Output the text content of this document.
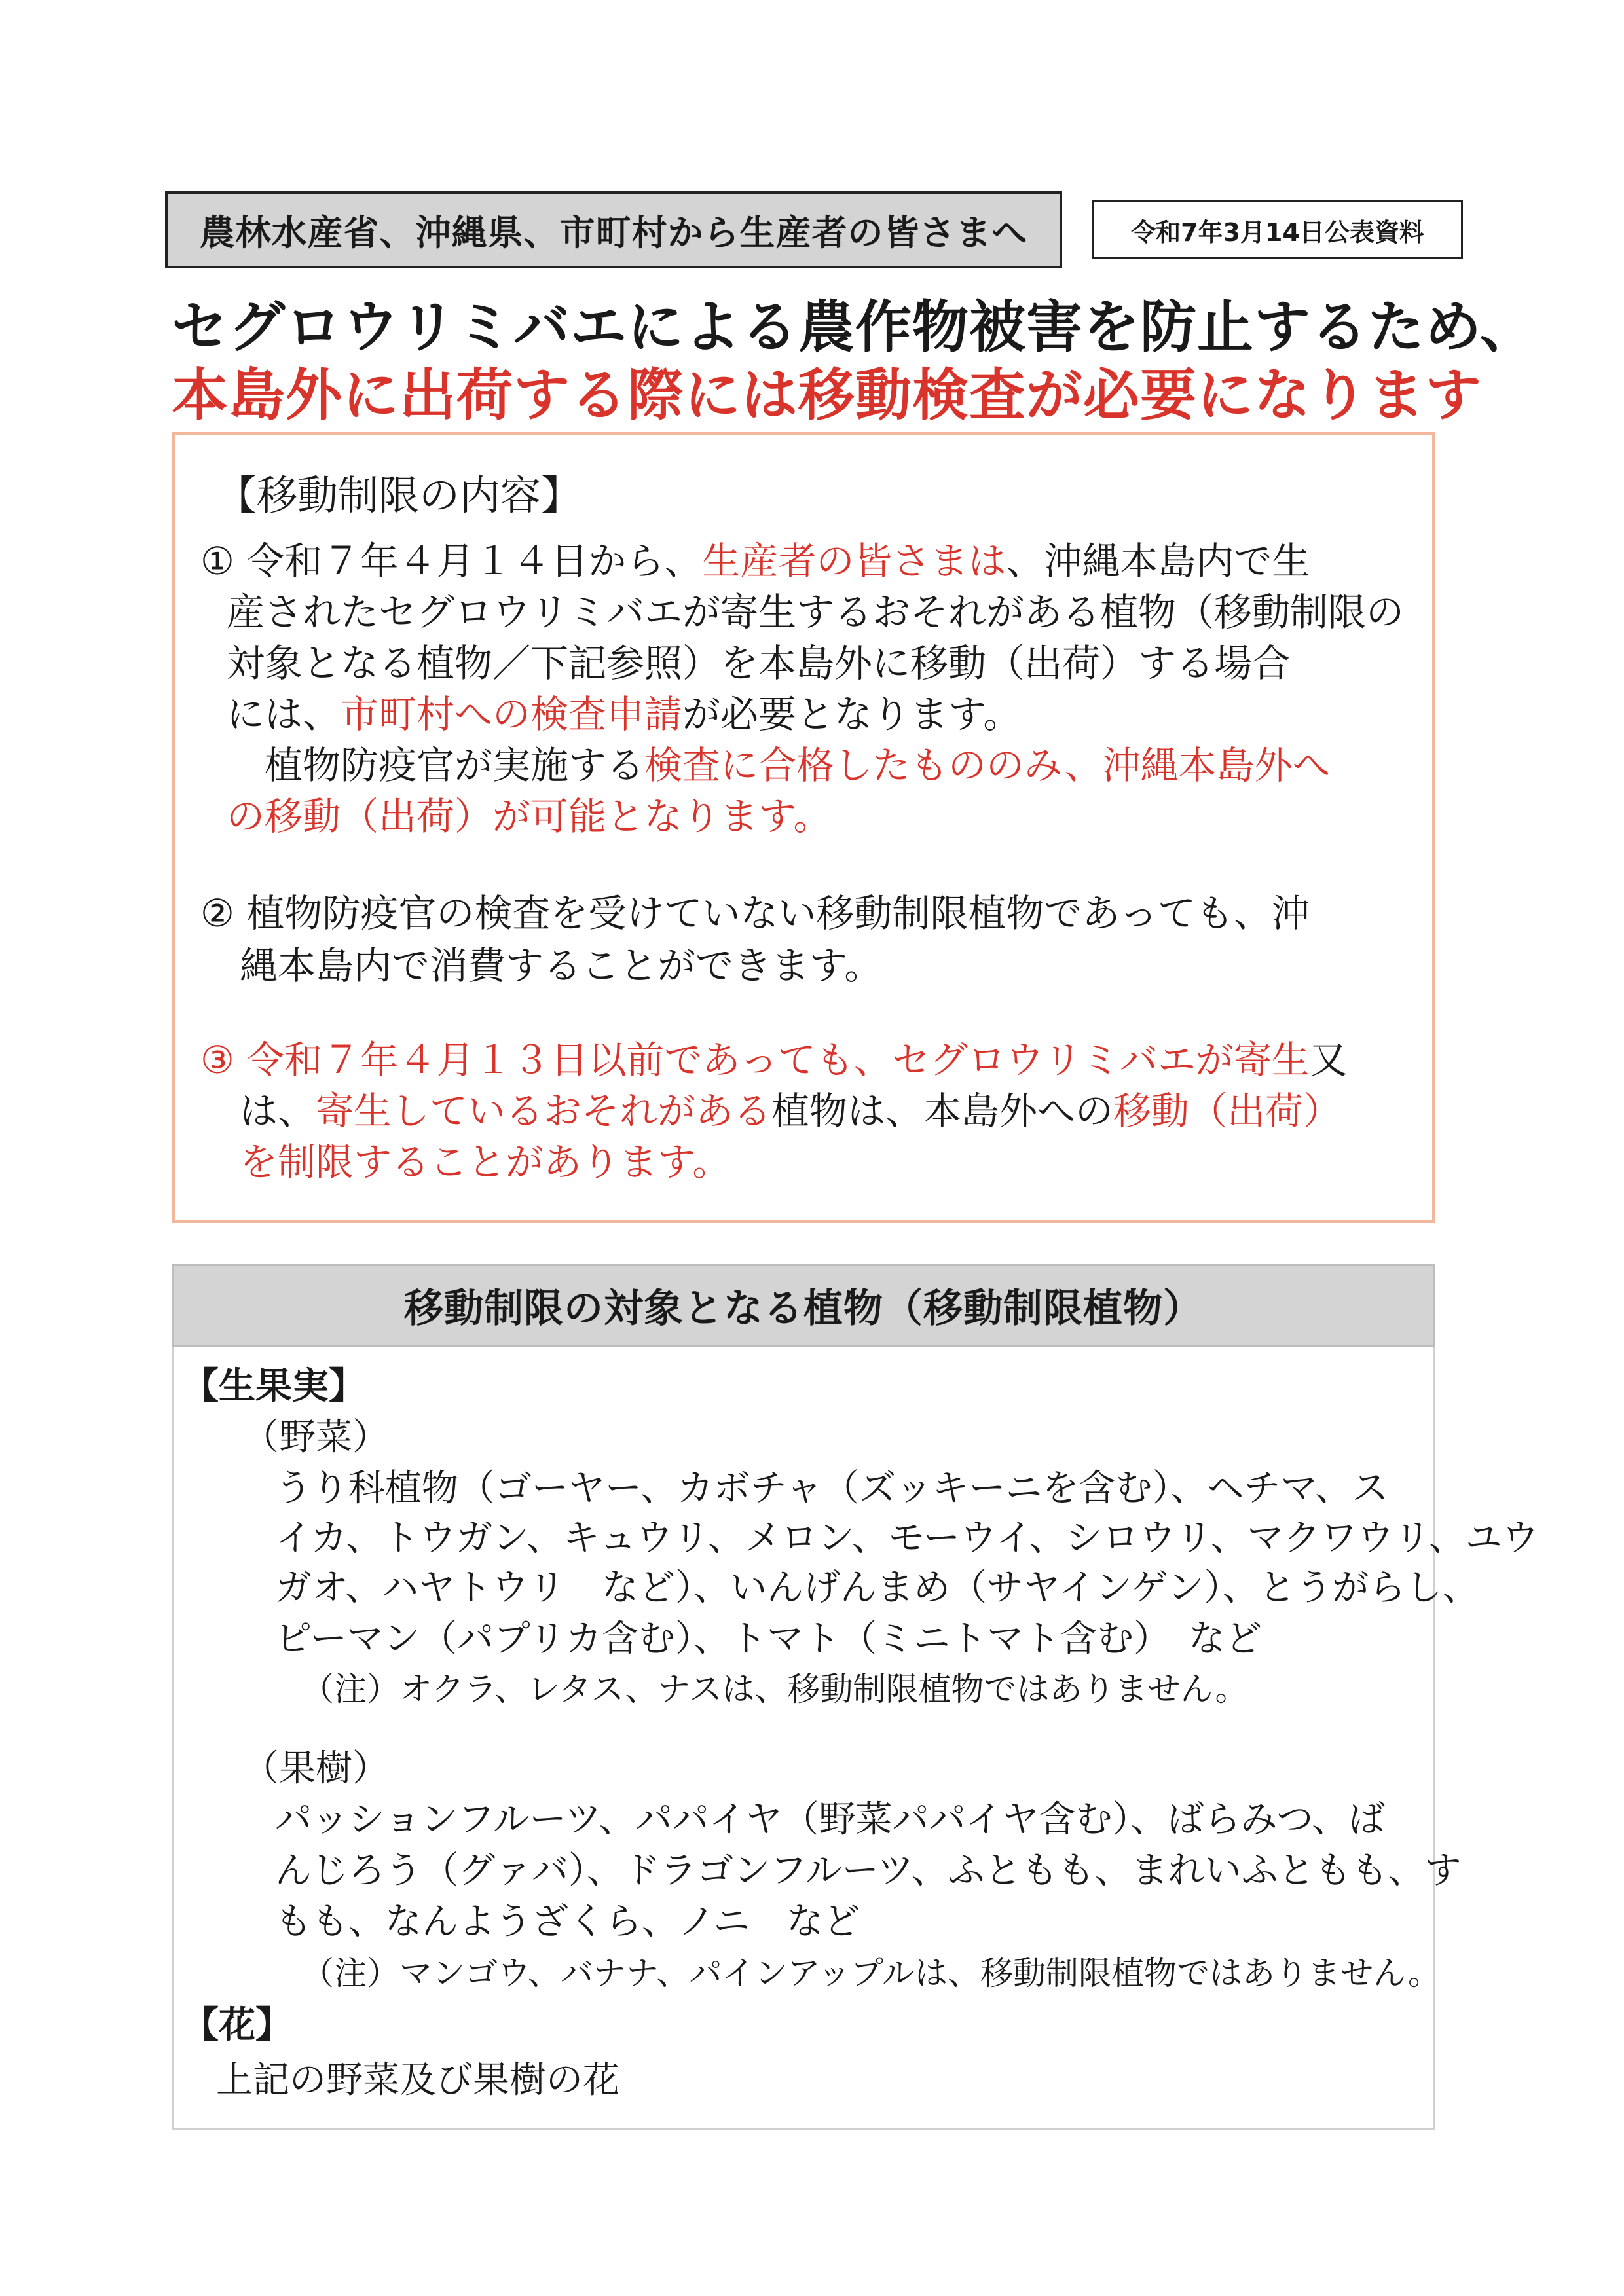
農林水産省、沖縄県、市町村から生産者の皆さまへ	令和7年3月14日公表資料
セグロウリミバエによる農作物被害を防止するため、
本島外に出荷する際には移動検査が必要になります
【移動制限の内容】
① 令和７年４月１４日から、生産者の皆さまは、沖縄本島内で生
産されたセグロウリミバエが寄生するおそれがある植物（移動制限の
対象となる植物／下記参照）を本島外に移動（出荷）する場合
には、市町村への検査申請が必要となります。
　植物防疫官が実施する検査に合格したもののみ、沖縄本島外へ
の移動（出荷）が可能となります。
② 植物防疫官の検査を受けていない移動制限植物であっても、沖
縄本島内で消費することができます。
③ 令和７年４月１３日以前であっても、セグロウリミバエが寄生又
は、寄生しているおそれがある植物は、本島外への移動（出荷）
を制限することがあります。
移動制限の対象となる植物（移動制限植物）
【生果実】
（野菜）
うり科植物（ゴーヤー、カボチャ（ズッキーニを含む）、ヘチマ、ス
イカ、トウガン、キュウリ、メロン、モーウイ、シロウリ、マクワウリ、ユウ
ガオ、ハヤトウリ　など）、いんげんまめ（サヤインゲン）、とうがらし、
ピーマン（パプリカ含む）、トマト（ミニトマト含む）　など
（注）オクラ、レタス、ナスは、移動制限植物ではありません。
（果樹）
パッションフルーツ、パパイヤ（野菜パパイヤ含む）、ばらみつ、ば
んじろう（グァバ）、ドラゴンフルーツ、ふともも、まれいふともも、す
もも、なんようざくら、ノニ　など
（注）マンゴウ、バナナ、パインアップルは、移動制限植物ではありません。
【花】
上記の野菜及び果樹の花
